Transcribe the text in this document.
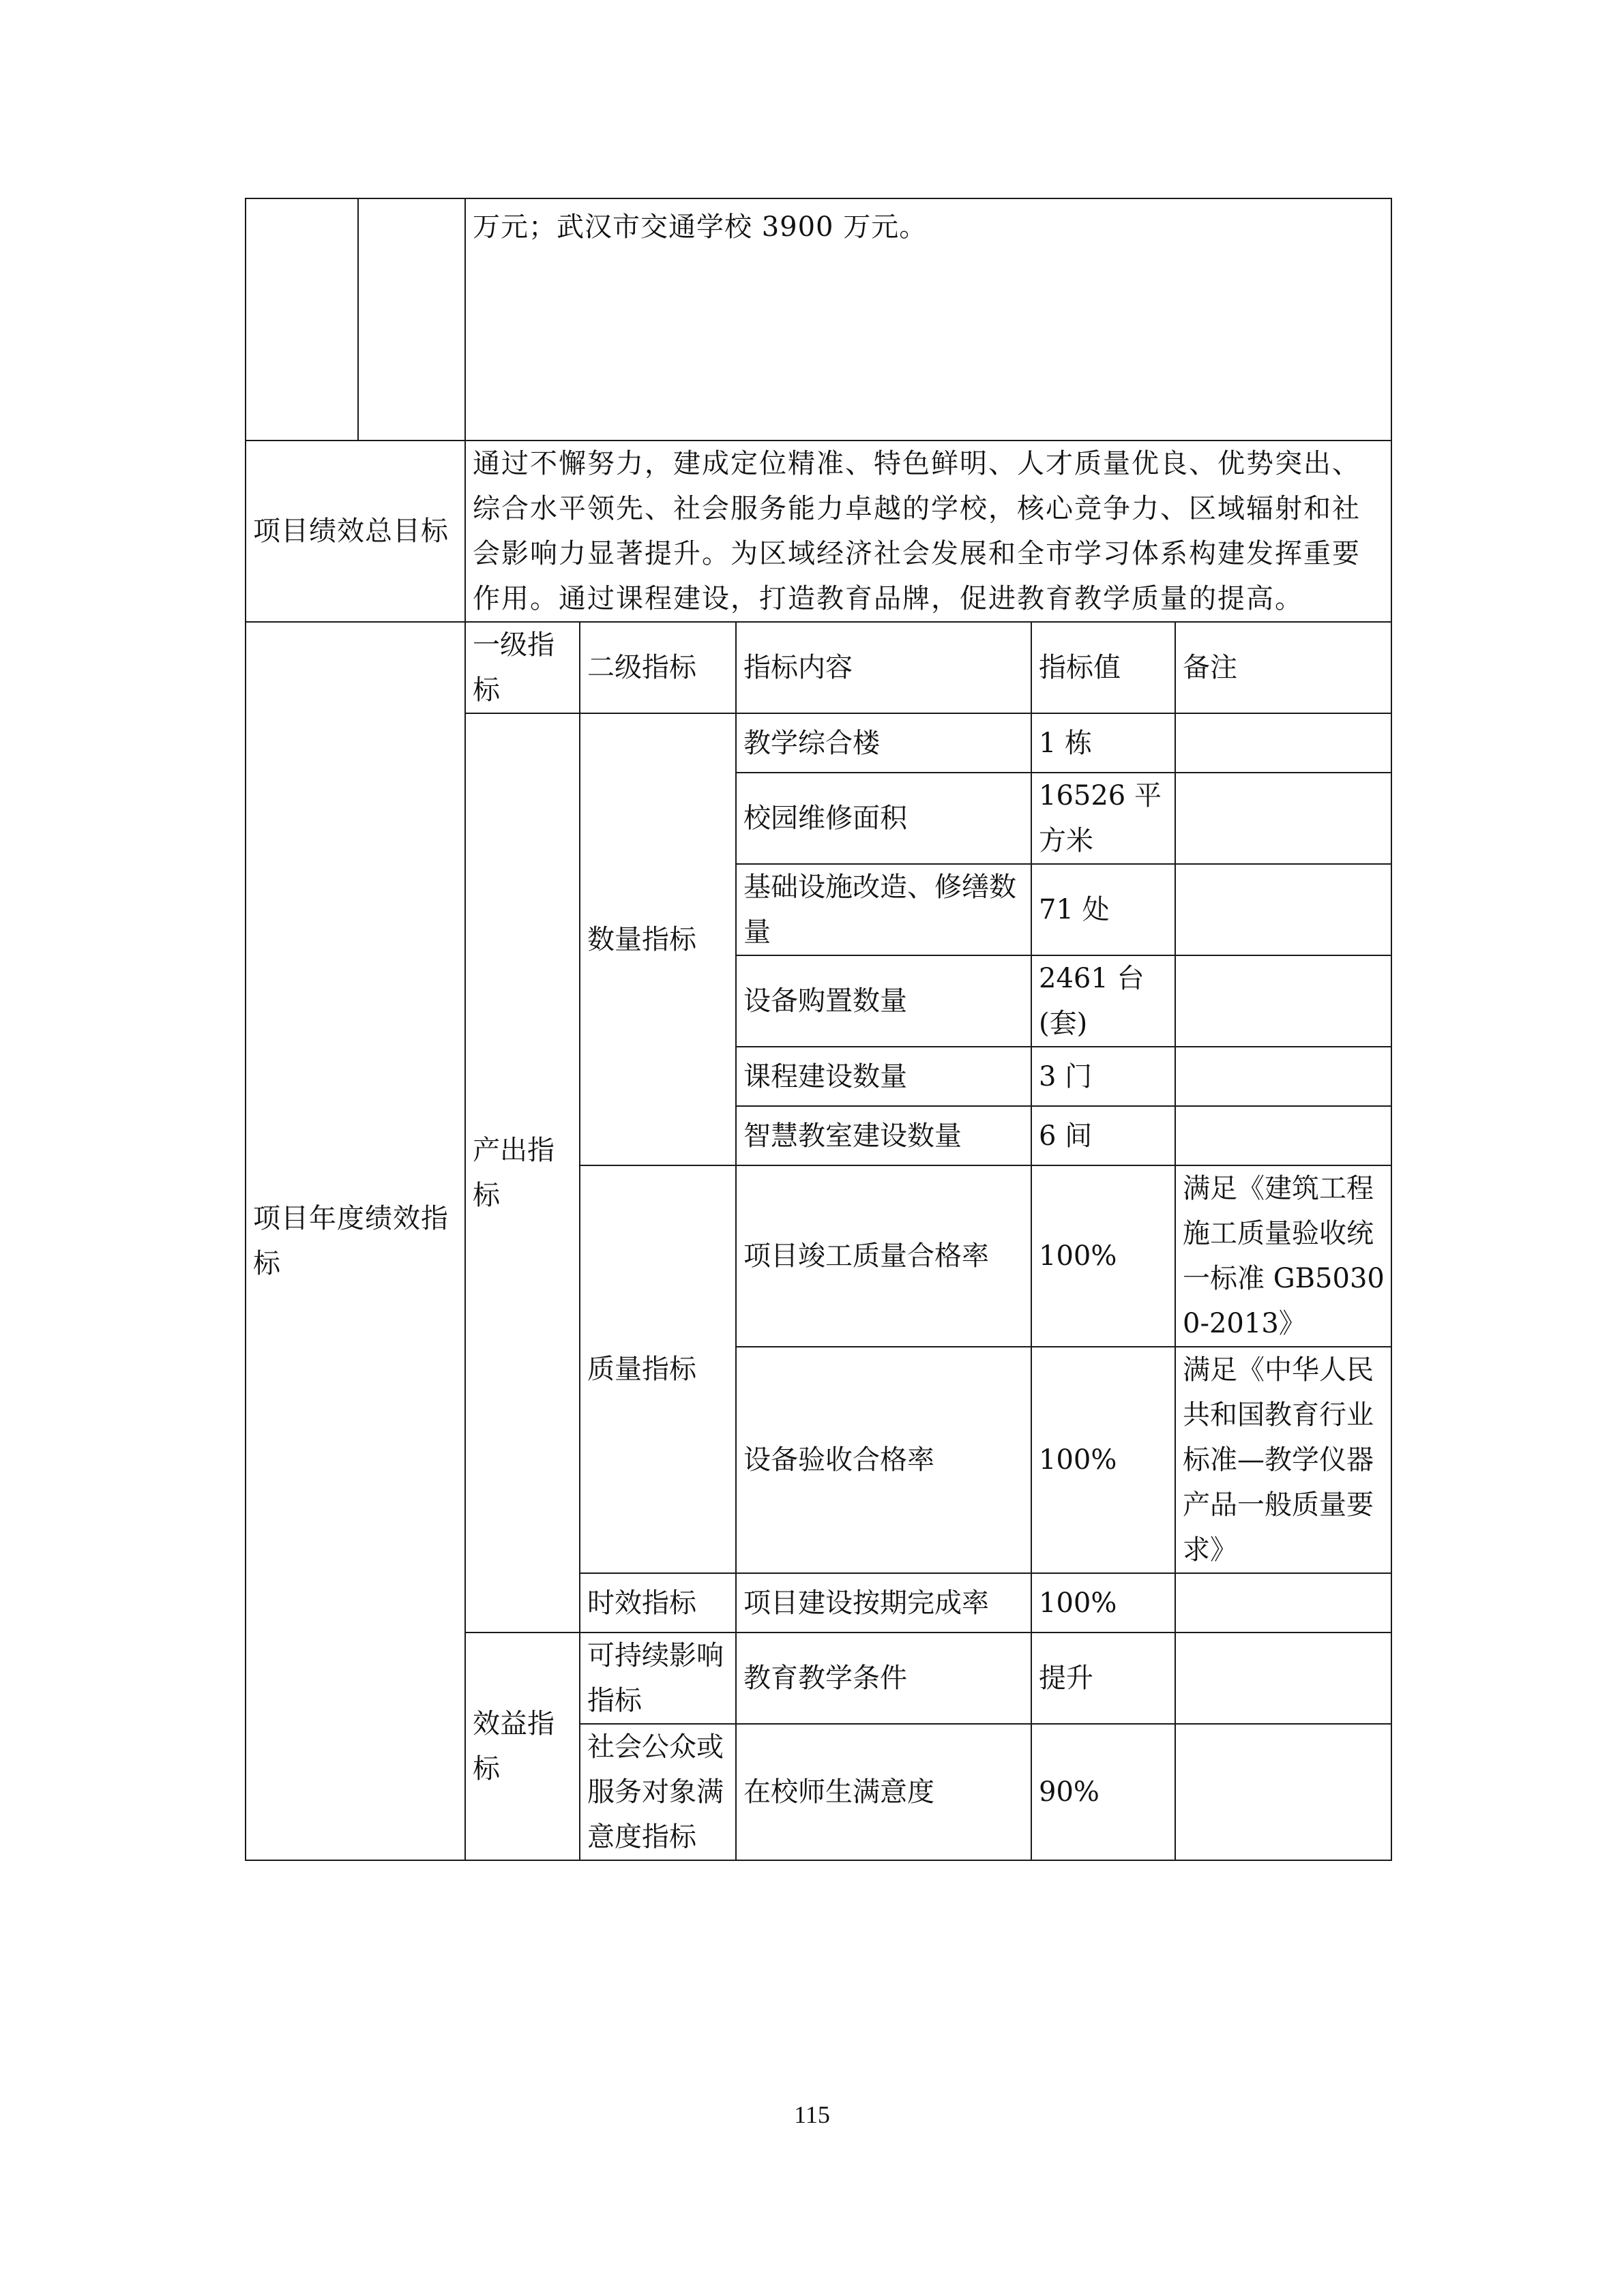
		万元；武汉市交通学校 3900 万元。				
项目绩效总目标		通过不懈努力，建成定位精准、特色鲜明、人才质量优良、优势突出、综合水平领先、社会服务能力卓越的学校，核心竞争力、区域辐射和社会影响力显著提升。为区域经济社会发展和全市学习体系构建发挥重要作用。通过课程建设，打造教育品牌，促进教育教学质量的提高。				
项目年度绩效指标		一级指标	二级指标	指标内容	指标值	备注
		产出指标	数量指标	教学综合楼	1 栋	
				校园维修面积	16526 平方米	
				基础设施改造、修缮数量	71 处	
				设备购置数量	2461 台(套)	
				课程建设数量	3 门	
				智慧教室建设数量	6 间	
			质量指标	项目竣工质量合格率	100%	满足《建筑工程施工质量验收统一标准 GB50300-2013》
				设备验收合格率	100%	满足《中华人民共和国教育行业标准—教学仪器产品一般质量要求》
			时效指标	项目建设按期完成率	100%	
		效益指标	可持续影响指标	教育教学条件	提升	
			社会公众或服务对象满意度指标	在校师生满意度	90%	
115
